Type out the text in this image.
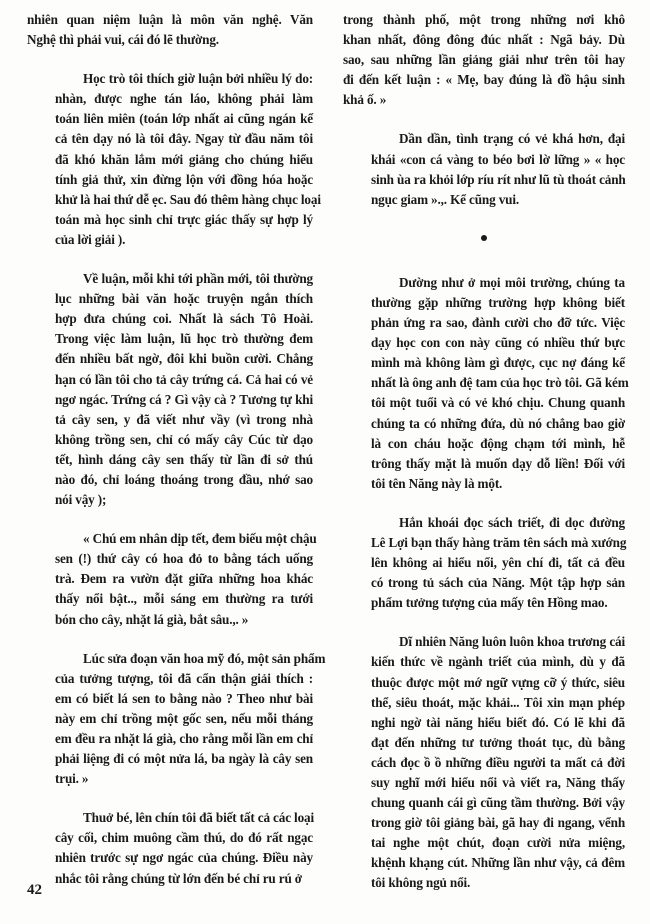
nhiên quan niệm luận là môn văn nghệ. Văn
Nghệ thì phải vui, cái đó lẽ thường.
Học trò tôi thích giờ luận bởi nhiều lý do:
nhàn, được nghe tán láo, không phải làm
toán liên miên (toán lớp nhất ai cũng ngán kể
cả tên dạy nó là tôi đây. Ngay từ đầu năm tôi
đã khó khăn lắm mới giảng cho chúng hiểu
tính giả thử, xin đừng lộn với đồng hóa hoặc
khử là hai thứ dễ ẹc. Sau đó thêm hàng chục loại
toán mà học sinh chỉ trực giác thấy sự hợp lý
của lời giải ).
Về luận, mỗi khi tới phần mới, tôi thường
lục những bài văn hoặc truyện ngắn thích
hợp đưa chúng coi. Nhất là sách Tô Hoài.
Trong việc làm luận, lũ học trò thường đem
đến nhiều bất ngờ, đôi khi buồn cười. Chẳng
hạn có lần tôi cho tả cây trứng cá. Cả hai có vẻ
ngơ ngác. Trứng cá ? Gì vậy cà ? Tương tự khi
tả cây sen, y đã viết như vầy (vì trong nhà
không trồng sen, chỉ có mấy cây Cúc từ dạo
tết, hình dáng cây sen thấy từ lần đi sở thú
nào đó, chỉ loáng thoáng trong đầu, nhớ sao
nói vậy );
« Chú em nhân dịp tết, đem biếu một chậu
sen (!) thứ cây có hoa đỏ to bằng tách uống
trà. Đem ra vườn đặt giữa những hoa khác
thấy nổi bật.., mỗi sáng em thường ra tưới
bón cho cây, nhặt lá già, bắt sâu.,. »
Lúc sửa đoạn văn hoa mỹ đó, một sản phẩm
của tưởng tượng, tôi đã cẩn thận giải thích :
em có biết lá sen to bằng nào ? Theo như bài
này em chỉ trồng một gốc sen, nếu mỗi tháng
em đều ra nhặt lá già, cho rằng mỗi lần em chỉ
phải liệng đi có một nửa lá, ba ngày là cây sen
trụi. »
Thuở bé, lên chín tôi đã biết tất cả các loại
cây cối, chim muông cầm thú, do đó rất ngạc
nhiên trước sự ngơ ngác của chúng. Điều này
nhắc tôi rằng chúng từ lớn đến bé chỉ ru rú ở
trong thành phố, một trong những nơi khô
khan nhất, đông đông đúc nhất : Ngã bảy. Dù
sao, sau những lần giảng giải như trên tôi hay
đi đến kết luận : « Mẹ, bay đúng là đồ hậu sinh
khả ố. »
Dần dần, tình trạng có vẻ khá hơn, đại
khái «con cá vàng to béo bơi lờ lững » « học
sinh ùa ra khỏi lớp ríu rít như lũ tù thoát cảnh
ngục giam ».,. Kể cũng vui.
Dường như ở mọi môi trường, chúng ta
thường gặp những trường hợp không biết
phản ứng ra sao, đành cười cho đỡ tức. Việc
dạy học con con này cũng có nhiều thứ bực
mình mà không làm gì được, cục nợ đáng kể
nhất là ông anh đệ tam của học trò tôi. Gã kém
tôi một tuổi và có vẻ khó chịu. Chung quanh
chúng ta có những đứa, dù nó chẳng bao giờ
là con cháu hoặc động chạm tới mình, hễ
trông thấy mặt là muốn dạy dỗ liền! Đối với
tôi tên Năng này là một.
Hắn khoái đọc sách triết, đi dọc đường
Lê Lợi bạn thấy hàng trăm tên sách mà xướng
lên không ai hiểu nổi, yên chí đi, tất cả đều
có trong tủ sách của Năng. Một tập hợp sản
phẩm tưởng tượng của mấy tên Hồng mao.
Dĩ nhiên Năng luôn luôn khoa trương cái
kiến thức về ngành triết của mình, dù y đã
thuộc được một mớ ngữ vựng cỡ ý thức, siêu
thể, siêu thoát, mặc khải... Tôi xin mạn phép
nghi ngờ tài năng hiểu biết đó. Có lẽ khi đã
đạt đến những tư tưởng thoát tục, dù bằng
cách đọc ồ ồ những điều người ta mất cả đời
suy nghĩ mới hiểu nổi và viết ra, Năng thấy
chung quanh cái gì cũng tầm thường. Bởi vậy
trong giờ tôi giảng bài, gã hay đi ngang, vểnh
tai nghe một chút, đoạn cười nửa miệng,
khệnh khạng cút. Những lần như vậy, cả đêm
tôi không ngủ nổi.
42
